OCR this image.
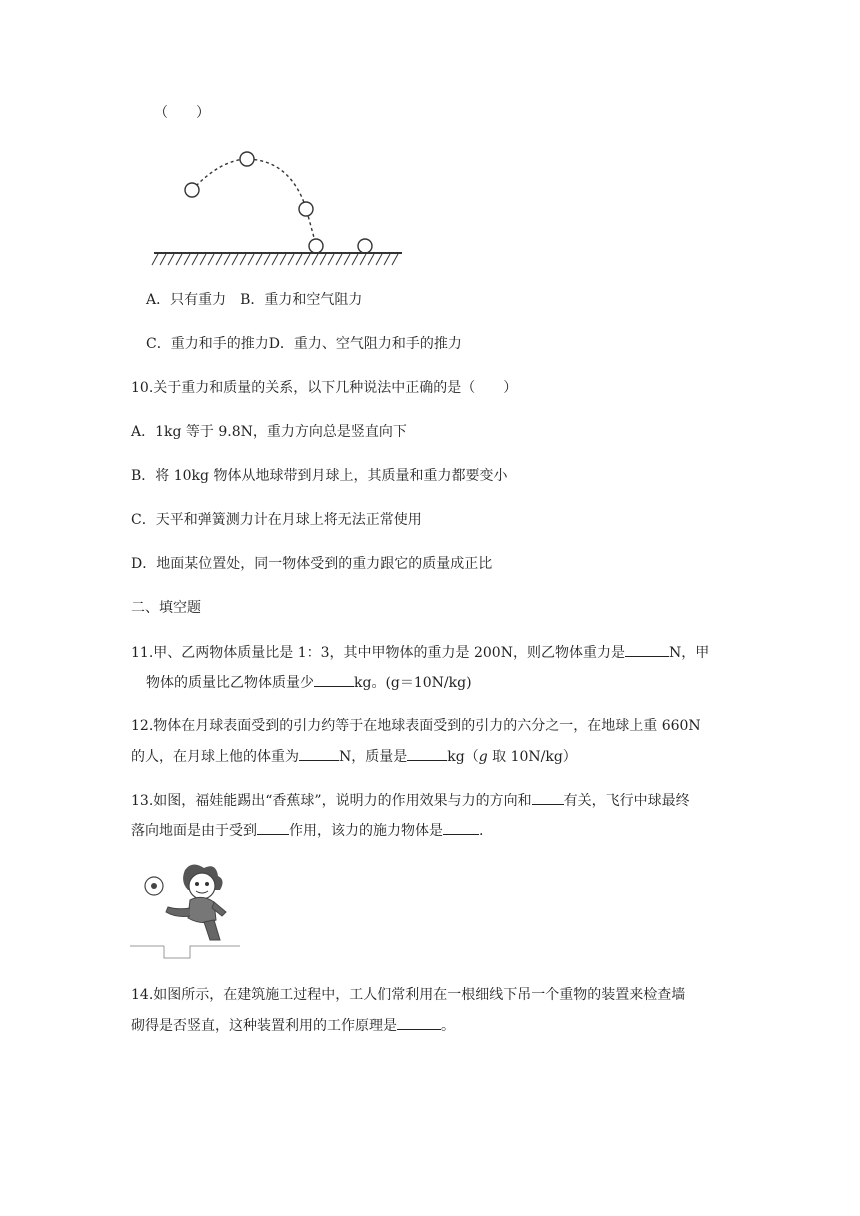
（　　）
A．只有重力　B．重力和空气阻力
C．重力和手的推力D．重力、空气阻力和手的推力
10.关于重力和质量的关系，以下几种说法中正确的是（　　）
A．1kg 等于 9.8N，重力方向总是竖直向下
B．将 10kg 物体从地球带到月球上，其质量和重力都要变小
C．天平和弹簧测力计在月球上将无法正常使用
D．地面某位置处，同一物体受到的重力跟它的质量成正比
二、填空题
11.甲、乙两物体质量比是 1：3，其中甲物体的重力是 200N，则乙物体重力是	N，甲
物体的质量比乙物体质量少	kg。(g＝10N/kg)
12.物体在月球表面受到的引力约等于在地球表面受到的引力的六分之一，在地球上重 660N
的人，在月球上他的体重为	N，质量是	kg（g 取 10N/kg）
13.如图，福娃能踢出“香蕉球”，说明力的作用效果与力的方向和 有关，飞行中球最终
落向地面是由于受到 作用，该力的施力物体是	.
14.如图所示，在建筑施工过程中，工人们常利用在一根细线下吊一个重物的装置来检查墙
砌得是否竖直，这种装置利用的工作原理是	。
